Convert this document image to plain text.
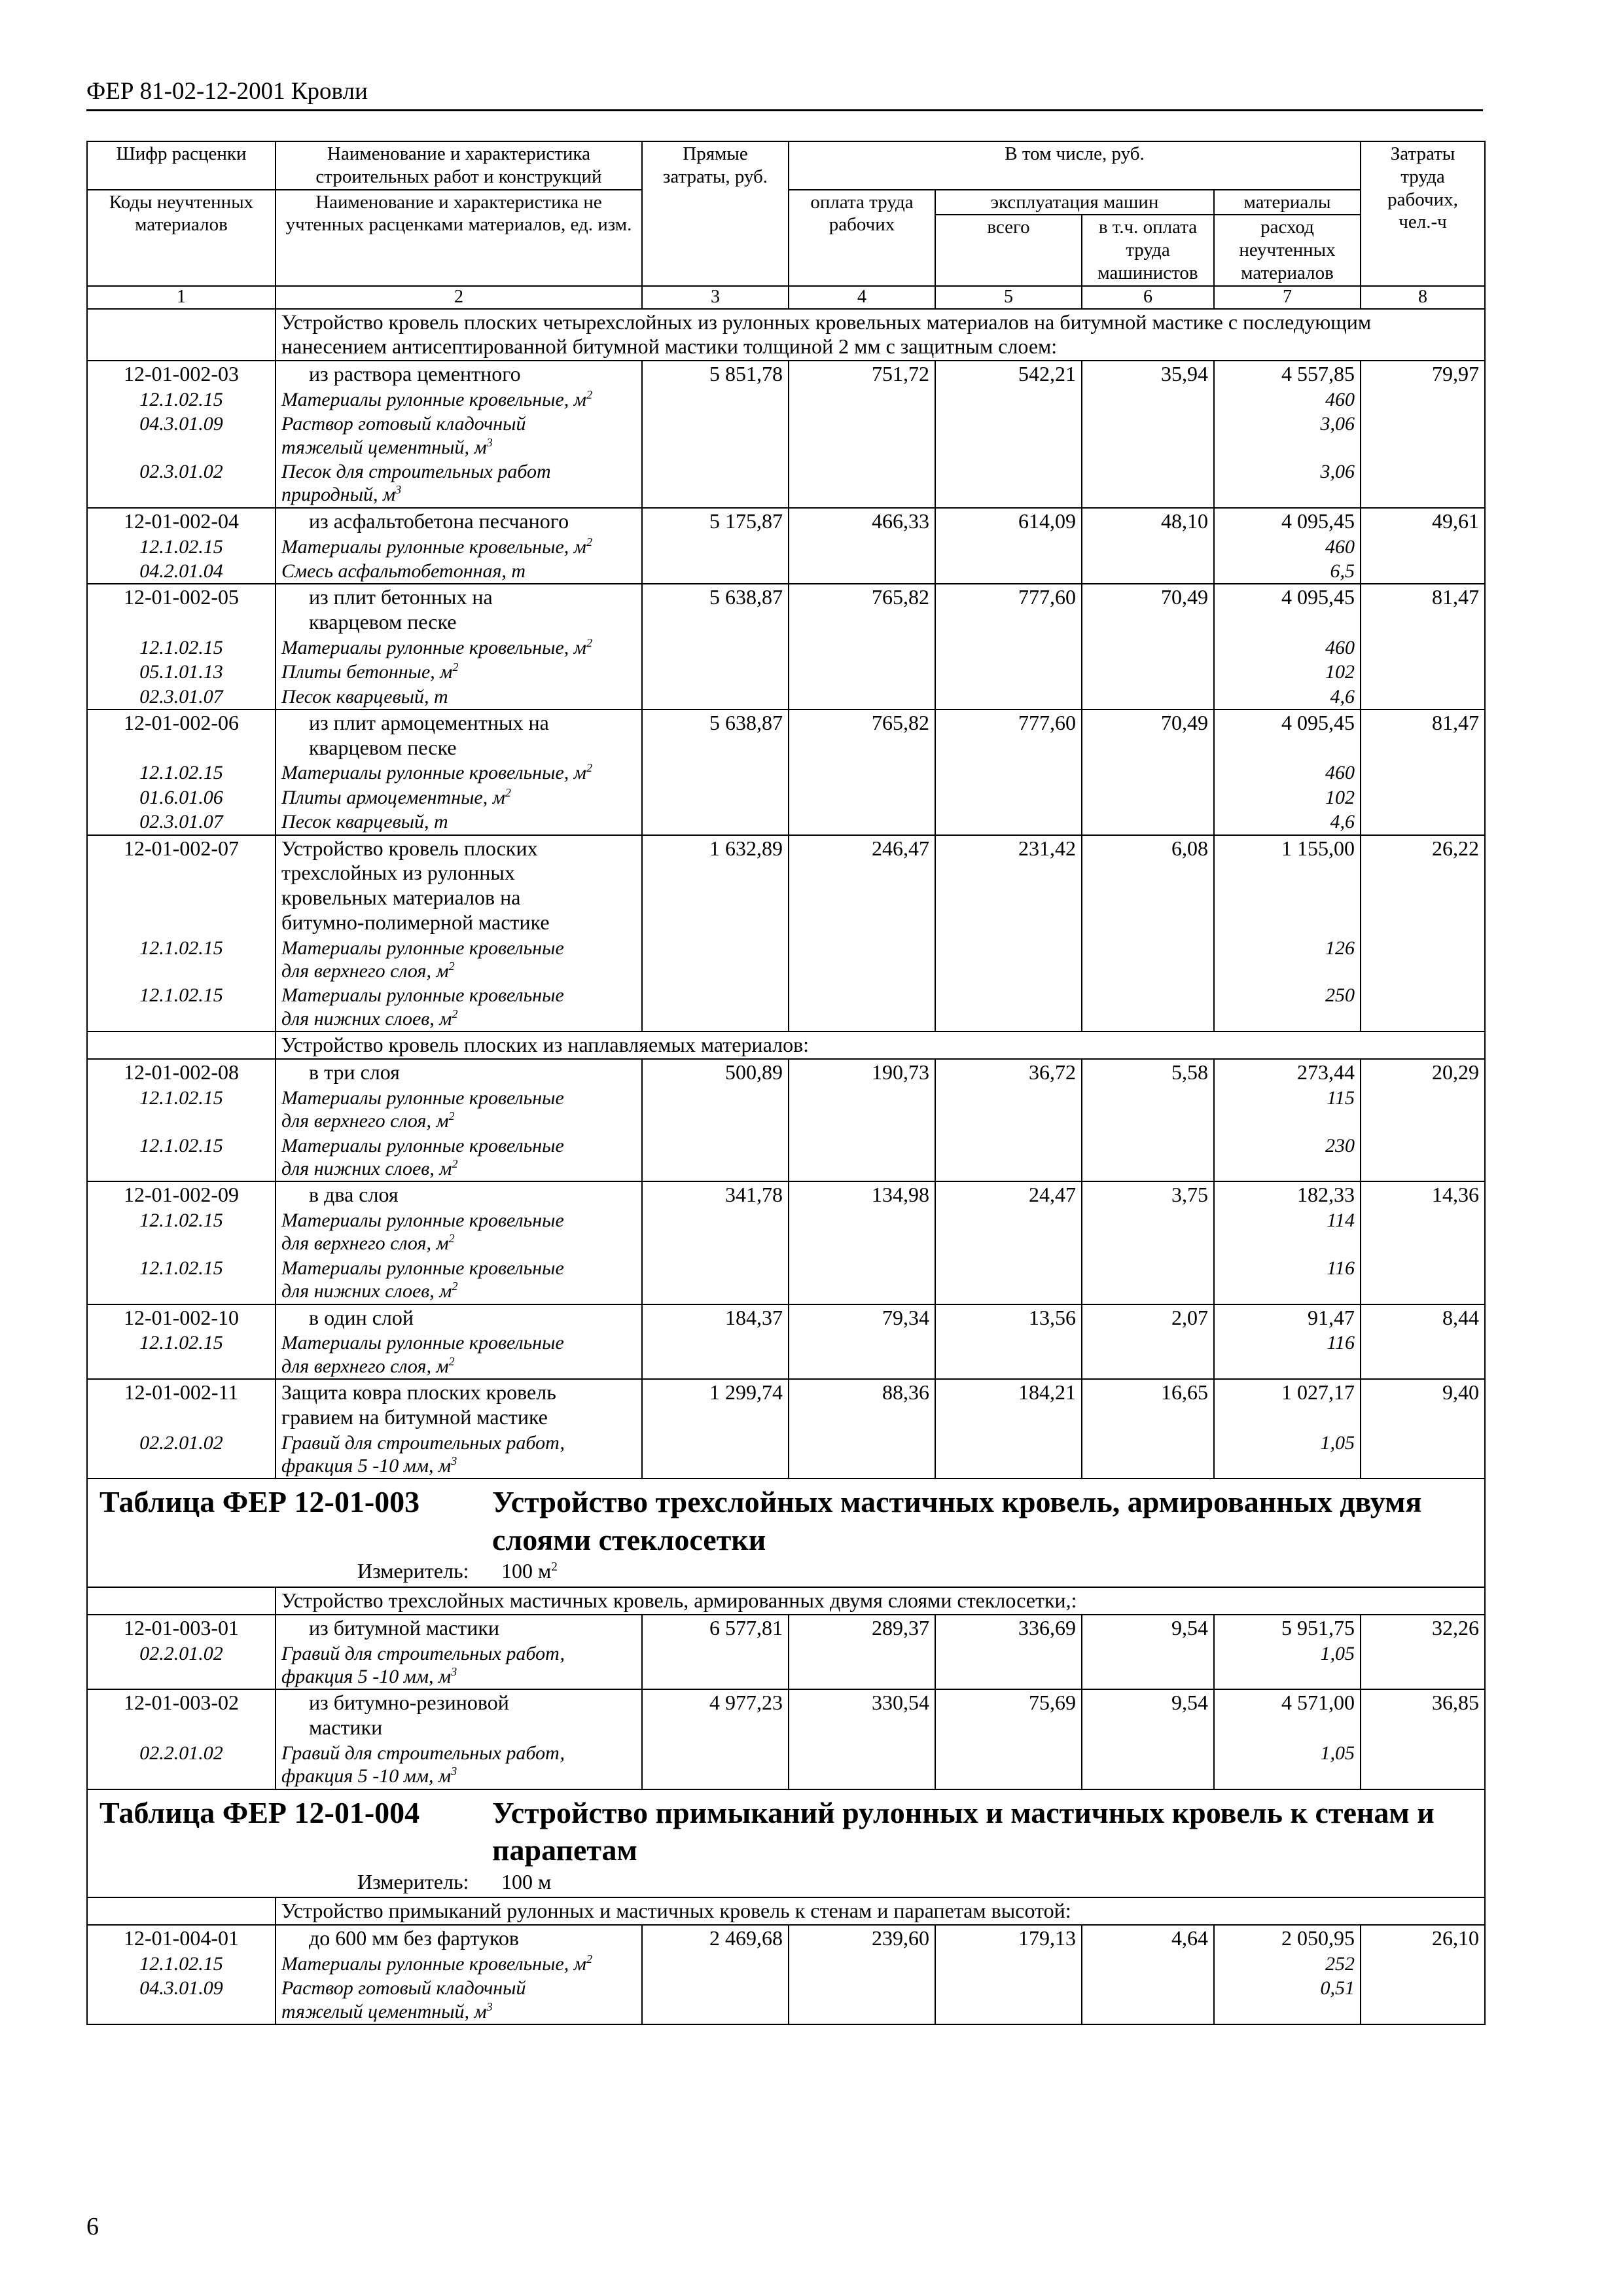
ФЕР 81-02-12-2001 Кровли
Шифр расценки	Наименование и характеристика строительных работ и конструкций	Прямые затраты, руб.	В том числе, руб.				Затраты труда рабочих, чел.-ч
Коды неучтенных материалов	Наименование и характеристика не учтенных расценками материалов, ед. изм.		оплата труда рабочих	эксплуатация машин		материалы	
				всего	в т.ч. оплата труда машинистов	расход неучтенных материалов	
1	2	3	4	5	6	7	8
	Устройство кровель плоских четырехслойных из рулонных кровельных материалов на битумной мастике с последующим нанесением антисептированной битумной мастики толщиной 2 мм с защитным слоем:						
12-01-002-03	из раствора цементного	5 851,78	751,72	542,21	35,94	4 557,85	79,97
12.1.02.15	Материалы рулонные кровельные, $м^2$					460	
04.3.01.09	Раствор готовый кладочный
тяжелый цементный, $м^3$					3,06	
02.3.01.02	Песок для строительных работ
природный, $м^3$					3,06	
12-01-002-04	из асфальтобетона песчаного	5 175,87	466,33	614,09	48,10	4 095,45	49,61
12.1.02.15	Материалы рулонные кровельные, $м^2$					460	
04.2.01.04	Смесь асфальтобетонная, т					6,5	
12-01-002-05	из плит бетонных на
кварцевом песке	5 638,87	765,82	777,60	70,49	4 095,45	81,47
12.1.02.15	Материалы рулонные кровельные, $м^2$					460	
05.1.01.13	Плиты бетонные, $м^2$					102	
02.3.01.07	Песок кварцевый, т					4,6	
12-01-002-06	из плит армоцементных на
кварцевом песке	5 638,87	765,82	777,60	70,49	4 095,45	81,47
12.1.02.15	Материалы рулонные кровельные, $м^2$					460	
01.6.01.06	Плиты армоцементные, $м^2$					102	
02.3.01.07	Песок кварцевый, т					4,6	
12-01-002-07	Устройство кровель плоских
трехслойных из рулонных
кровельных материалов на
битумно-полимерной мастике	1 632,89	246,47	231,42	6,08	1 155,00	26,22
12.1.02.15	Материалы рулонные кровельные
для верхнего слоя, $м^2$					126	
12.1.02.15	Материалы рулонные кровельные
для нижних слоев, $м^2$					250	
	Устройство кровель плоских из наплавляемых материалов:						
12-01-002-08	в три слоя	500,89	190,73	36,72	5,58	273,44	20,29
12.1.02.15	Материалы рулонные кровельные
для верхнего слоя, $м^2$					115	
12.1.02.15	Материалы рулонные кровельные
для нижних слоев, $м^2$					230	
12-01-002-09	в два слоя	341,78	134,98	24,47	3,75	182,33	14,36
12.1.02.15	Материалы рулонные кровельные
для верхнего слоя, $м^2$					114	
12.1.02.15	Материалы рулонные кровельные
для нижних слоев, $м^2$					116	
12-01-002-10	в один слой	184,37	79,34	13,56	2,07	91,47	8,44
12.1.02.15	Материалы рулонные кровельные
для верхнего слоя, $м^2$					116	
12-01-002-11	Защита ковра плоских кровель
гравием на битумной мастике	1 299,74	88,36	184,21	16,65	1 027,17	9,40
02.2.01.02	Гравий для строительных работ,
фракция 5 -10 мм, $м^3$					1,05	

Таблица ФЕР 12-01-003 Устройство трехслойных мастичных кровель, армированных двумя слоями стеклосетки							

Измеритель: 100 $м^2$
	Устройство трехслойных мастичных кровель, армированных двумя слоями стеклосетки,:						
12-01-003-01	из битумной мастики	6 577,81	289,37	336,69	9,54	5 951,75	32,26
02.2.01.02	Гравий для строительных работ,
фракция 5 -10 мм, $м^3$					1,05	
12-01-003-02	из битумно-резиновой
мастики	4 977,23	330,54	75,69	9,54	4 571,00	36,85
02.2.01.02	Гравий для строительных работ,
фракция 5 -10 мм, $м^3$					1,05	

Таблица ФЕР 12-01-004 Устройство примыканий рулонных и мастичных кровель к стенам и парапетам							

Измеритель: 100 м							
	Устройство примыканий рулонных и мастичных кровель к стенам и парапетам высотой:						
12-01-004-01	до 600 мм без фартуков	2 469,68	239,60	179,13	4,64	2 050,95	26,10
12.1.02.15	Материалы рулонные кровельные, $м^2$					252	
04.3.01.09	Раствор готовый кладочный
тяжелый цементный, $м^3$					0,51	
6
